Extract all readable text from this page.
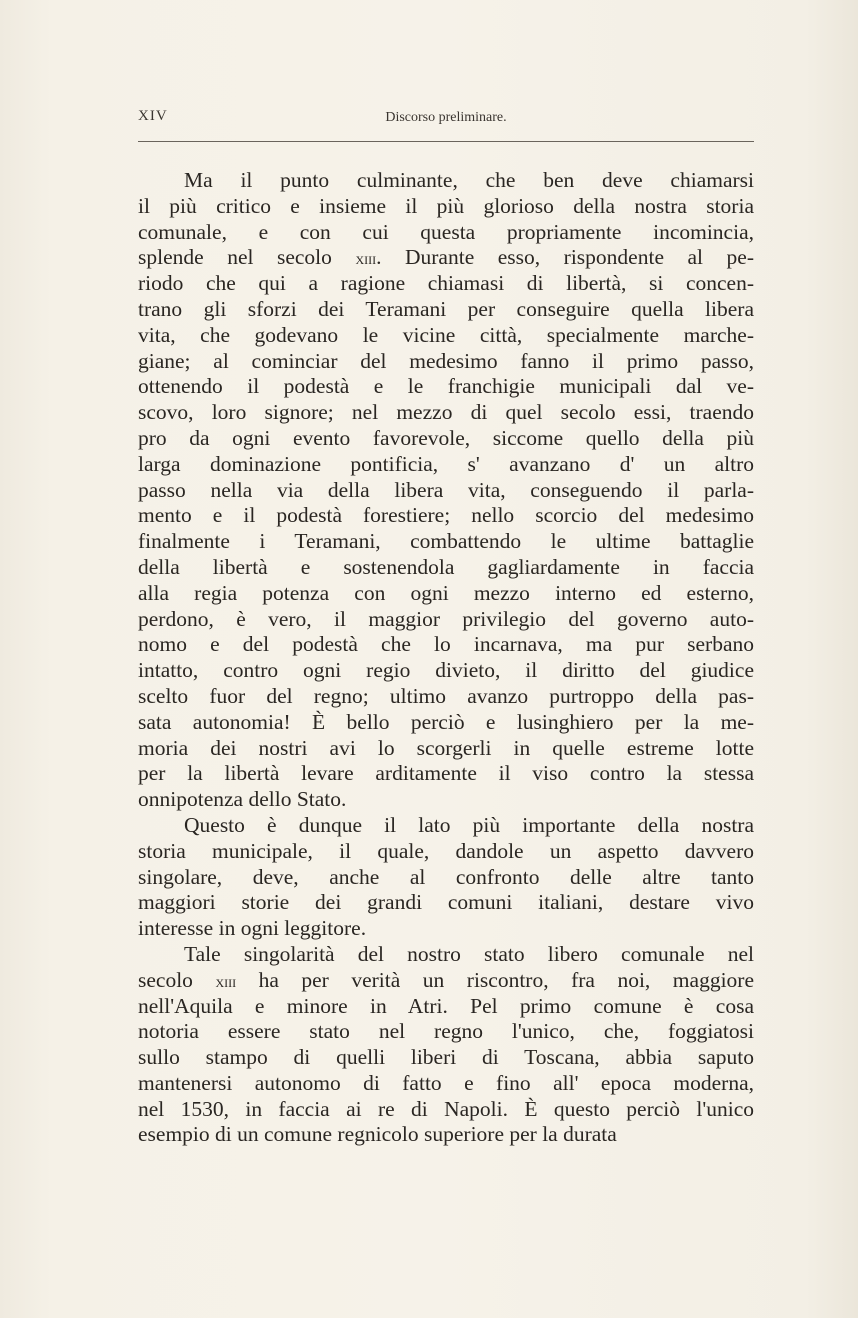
XIV	Discorso preliminare.
Ma il punto culminante, che ben deve chiamarsi
il più critico e insieme il più glorioso della nostra storia
comunale, e con cui questa propriamente incomincia,
splende nel secolo xiii. Durante esso, rispondente al pe-
riodo che qui a ragione chiamasi di libertà, si concen-
trano gli sforzi dei Teramani per conseguire quella libera
vita, che godevano le vicine città, specialmente marche-
giane; al cominciar del medesimo fanno il primo passo,
ottenendo il podestà e le franchigie municipali dal ve-
scovo, loro signore; nel mezzo di quel secolo essi, traendo
pro da ogni evento favorevole, siccome quello della più
larga dominazione pontificia, s' avanzano d' un altro
passo nella via della libera vita, conseguendo il parla-
mento e il podestà forestiere; nello scorcio del medesimo
finalmente i Teramani, combattendo le ultime battaglie
della libertà e sostenendola gagliardamente in faccia
alla regia potenza con ogni mezzo interno ed esterno,
perdono, è vero, il maggior privilegio del governo auto-
nomo e del podestà che lo incarnava, ma pur serbano
intatto, contro ogni regio divieto, il diritto del giudice
scelto fuor del regno; ultimo avanzo purtroppo della pas-
sata autonomia! È bello perciò e lusinghiero per la me-
moria dei nostri avi lo scorgerli in quelle estreme lotte
per la libertà levare arditamente il viso contro la stessa
onnipotenza dello Stato.
Questo è dunque il lato più importante della nostra
storia municipale, il quale, dandole un aspetto davvero
singolare, deve, anche al confronto delle altre tanto
maggiori storie dei grandi comuni italiani, destare vivo
interesse in ogni leggitore.
Tale singolarità del nostro stato libero comunale nel
secolo xiii ha per verità un riscontro, fra noi, maggiore
nell'Aquila e minore in Atri. Pel primo comune è cosa
notoria essere stato nel regno l'unico, che, foggiatosi
sullo stampo di quelli liberi di Toscana, abbia saputo
mantenersi autonomo di fatto e fino all' epoca moderna,
nel 1530, in faccia ai re di Napoli. È questo perciò l'unico
esempio di un comune regnicolo superiore per la durata
